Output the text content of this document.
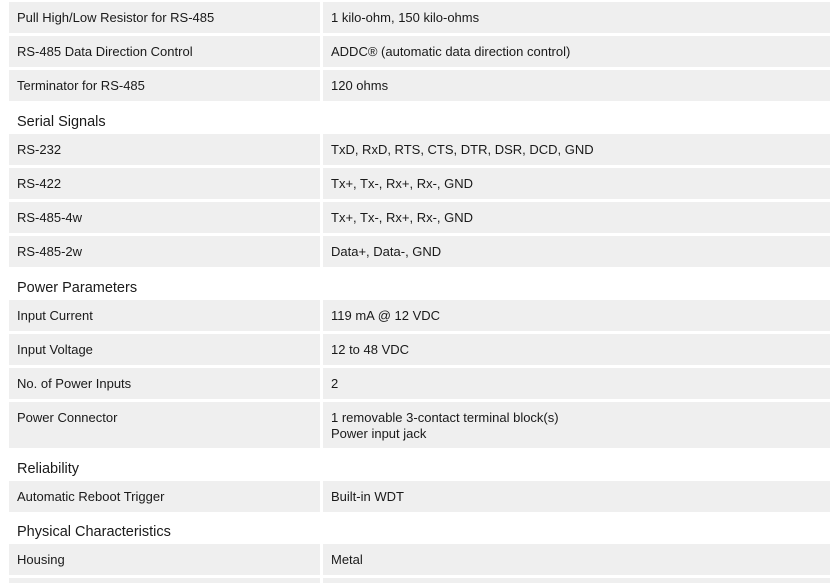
Pull High/Low Resistor for RS-485	1 kilo-ohm, 150 kilo-ohms
RS-485 Data Direction Control	ADDC® (automatic data direction control)
Terminator for RS-485	120 ohms
Serial Signals
RS-232	TxD, RxD, RTS, CTS, DTR, DSR, DCD, GND
RS-422	Tx+, Tx-, Rx+, Rx-, GND
RS-485-4w	Tx+, Tx-, Rx+, Rx-, GND
RS-485-2w	Data+, Data-, GND
Power Parameters
Input Current	119 mA @ 12 VDC
Input Voltage	12 to 48 VDC
No. of Power Inputs	2
Power Connector	1 removable 3-contact terminal block(s)
Power input jack
Reliability
Automatic Reboot Trigger	Built-in WDT
Physical Characteristics
Housing	Metal
